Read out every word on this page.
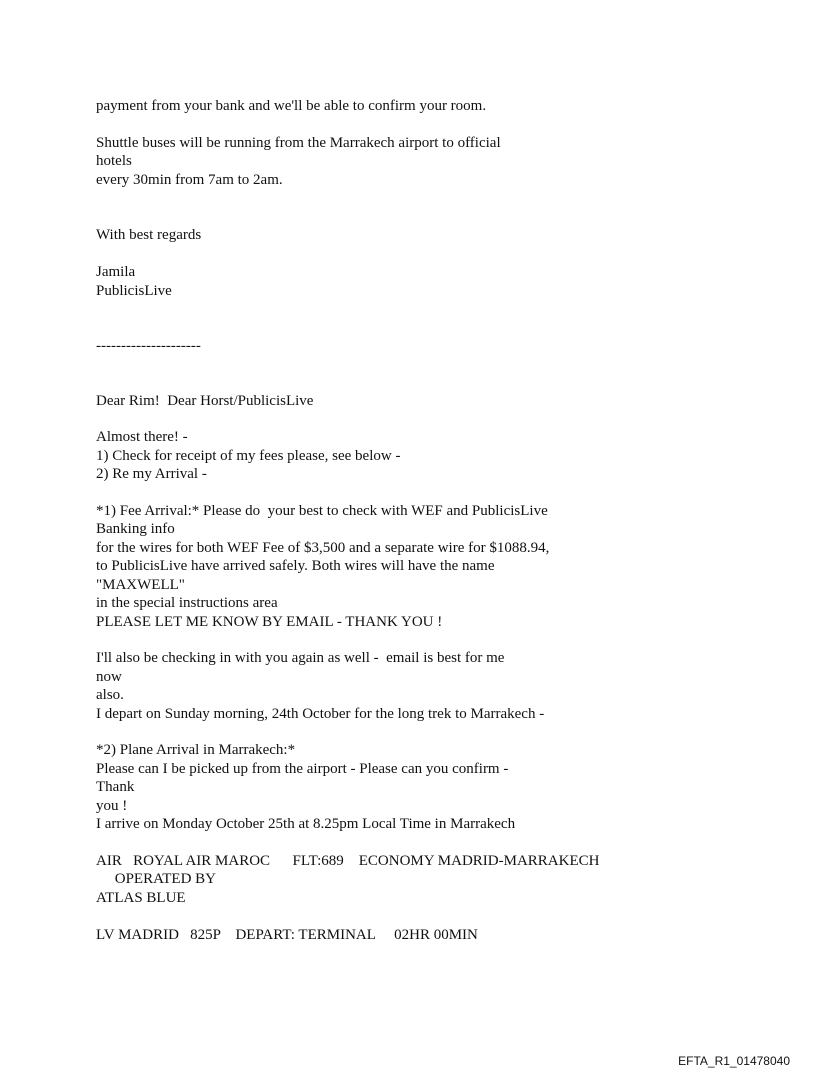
payment from your bank and we'll be able to confirm your room.

Shuttle buses will be running from the Marrakech airport to official

hotels

every 30min from 7am to 2am.

With best regards

Jamila

PublicisLive

---------------------

Dear Rim!  Dear Horst/PublicisLive

Almost there! -

1) Check for receipt of my fees please, see below -

2) Re my Arrival -

*1) Fee Arrival:* Please do  your best to check with WEF and PublicisLive

Banking info

for the wires for both WEF Fee of $3,500 and a separate wire for $1088.94,

to PublicisLive have arrived safely. Both wires will have the name

"MAXWELL"

in the special instructions area

PLEASE LET ME KNOW BY EMAIL - THANK YOU !

I'll also be checking in with you again as well -  email is best for me

now

also.

I depart on Sunday morning, 24th October for the long trek to Marrakech -

*2) Plane Arrival in Marrakech:*

Please can I be picked up from the airport - Please can you confirm -

Thank

you !

I arrive on Monday October 25th at 8.25pm Local Time in Marrakech

AIR   ROYAL AIR MAROC      FLT:689    ECONOMY MADRID-MARRAKECH

OPERATED BY

ATLAS BLUE

LV MADRID   825P    DEPART: TERMINAL     02HR 00MIN

EFTA_R1_01478040
